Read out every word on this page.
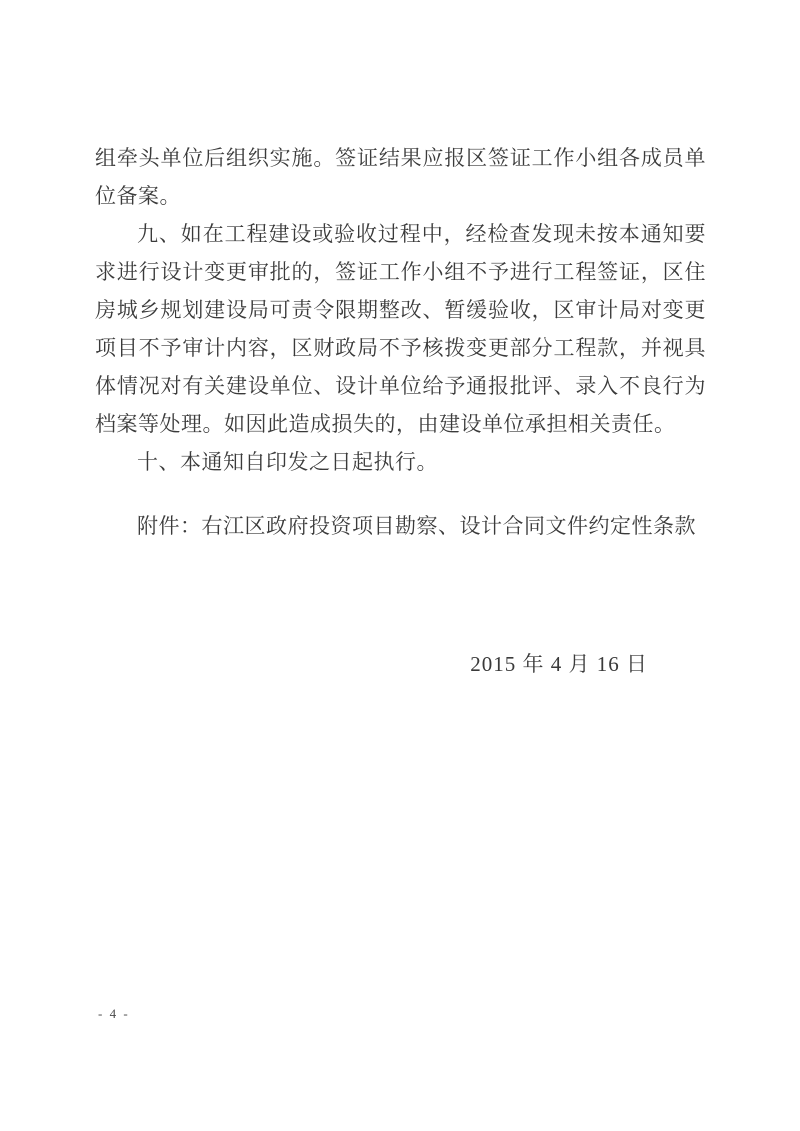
组牵头单位后组织实施。签证结果应报区签证工作小组各成员单位备案。

九、如在工程建设或验收过程中，经检查发现未按本通知要求进行设计变更审批的，签证工作小组不予进行工程签证，区住房城乡规划建设局可责令限期整改、暂缓验收，区审计局对变更项目不予审计内容，区财政局不予核拨变更部分工程款，并视具体情况对有关建设单位、设计单位给予通报批评、录入不良行为档案等处理。如因此造成损失的，由建设单位承担相关责任。

十、本通知自印发之日起执行。

附件：右江区政府投资项目勘察、设计合同文件约定性条款

2015 年 4 月 16 日

- 4 -
